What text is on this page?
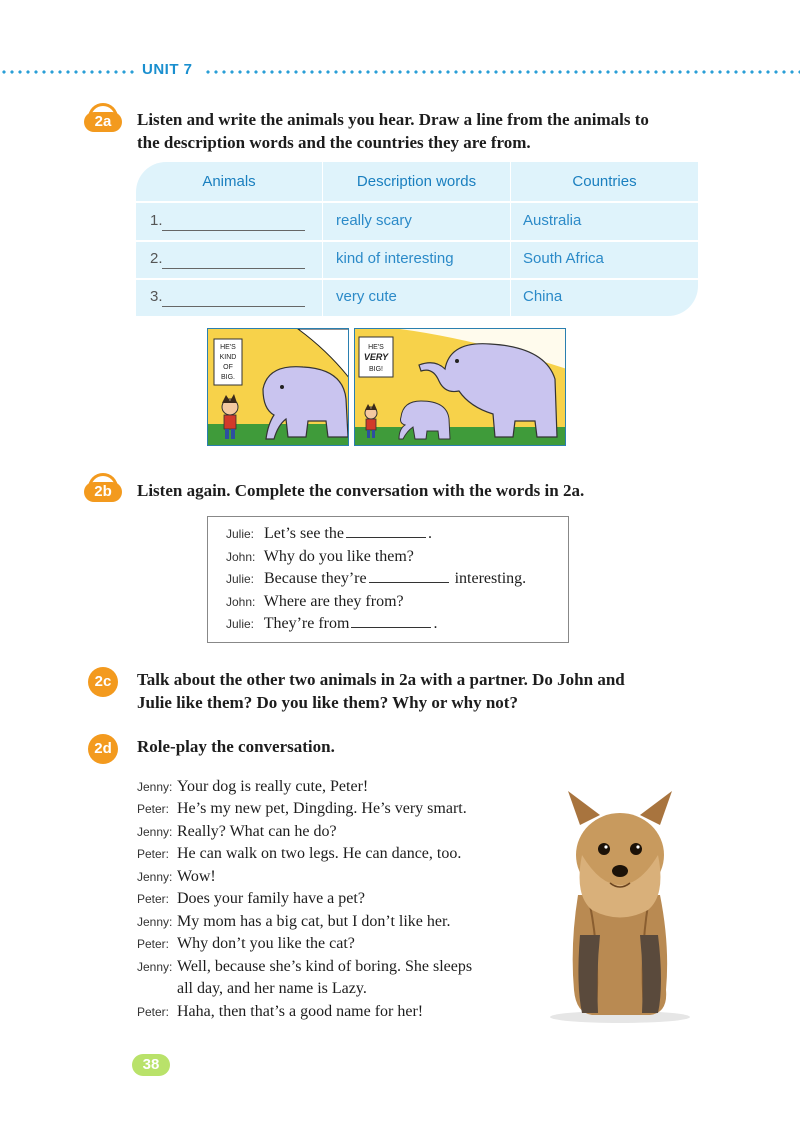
UNIT 7
2a	Listen and write the animals you hear. Draw a line from the animals to
the description words and the countries they are from.
Animals	Description words	Countries
1.	really scary	Australia
2.	kind of interesting	South Africa
3.	very cute	China
HE'S
KIND
OF
BIG.
HE'S
VERY
BIG!
2b	Listen again. Complete the conversation with the words in 2a.
Julie: Let’s see the	.
John: Why do you like them?
Julie: Because they’re	interesting.
John: Where are they from?
Julie: They’re from	.
2c	Talk about the other two animals in 2a with a partner. Do John and
Julie like them? Do you like them? Why or why not?
2d	Role-play the conversation.
Jenny: Your dog is really cute, Peter!
Peter: He’s my new pet, Dingding. He’s very smart.
Jenny: Really? What can he do?
Peter: He can walk on two legs. He can dance, too.
Jenny: Wow!
Peter: Does your family have a pet?
Jenny: My mom has a big cat, but I don’t like her.
Peter: Why don’t you like the cat?
Jenny: Well, because she’s kind of boring. She sleeps
all day, and her name is Lazy.
Peter: Haha, then that’s a good name for her!
38
